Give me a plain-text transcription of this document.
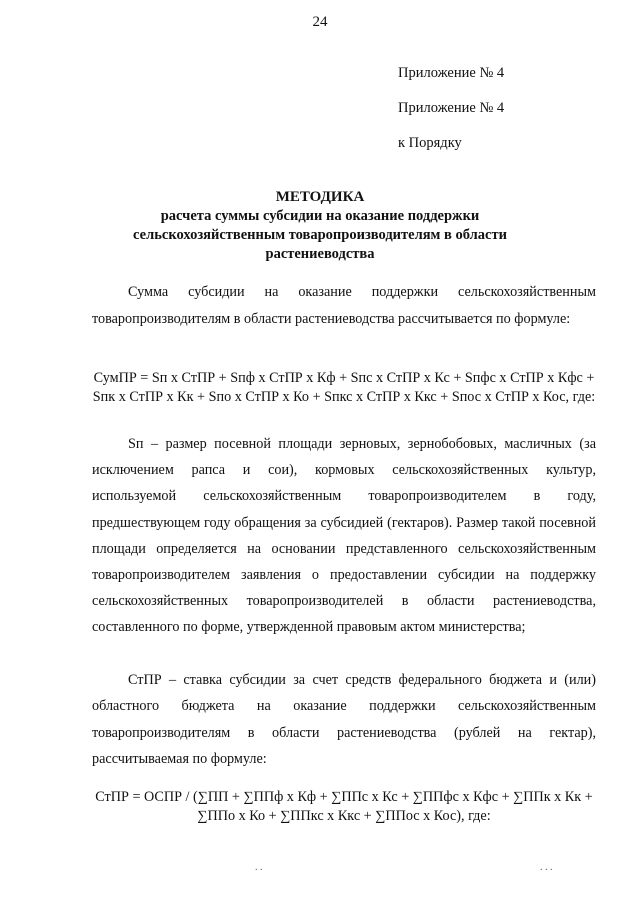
24
Приложение № 4
Приложение № 4
к Порядку
МЕТОДИКА
расчета суммы субсидии на оказание поддержки сельскохозяйственным товаропроизводителям в области растениеводства
Сумма субсидии на оказание поддержки сельскохозяйственным товаропроизводителям в области растениеводства рассчитывается по формуле:
СумПР = Sп х СтПР + Sпф х СтПР х Кф + Sпс х СтПР х Кс + Sпфс х СтПР х Кфс + Sпк х СтПР х Кк + Sпо х СтПР х Ко + Sпкс х СтПР х Ккс + Sпос х СтПР х Кос, где:
Sп – размер посевной площади зерновых, зернобобовых, масличных (за исключением рапса и сои), кормовых сельскохозяйственных культур, используемой сельскохозяйственным товаропроизводителем в году, предшествующем году обращения за субсидией (гектаров). Размер такой посевной площади определяется на основании представленного сельскохозяйственным товаропроизводителем заявления о предоставлении субсидии на поддержку сельскохозяйственных товаропроизводителей в области растениеводства, составленного по форме, утвержденной правовым актом министерства;
СтПР – ставка субсидии за счет средств федерального бюджета и (или) областного бюджета на оказание поддержки сельскохозяйственным товаропроизводителям в области растениеводства (рублей на гектар), рассчитываемая по формуле:
СтПР = ОСПР / (∑ПП + ∑ППф х Кф + ∑ППс х Кс + ∑ППфс х Кфс + ∑ППк х Кк + ∑ППо х Ко + ∑ППкс х Ккс + ∑ППос х Кос), где:
. .	. . .
